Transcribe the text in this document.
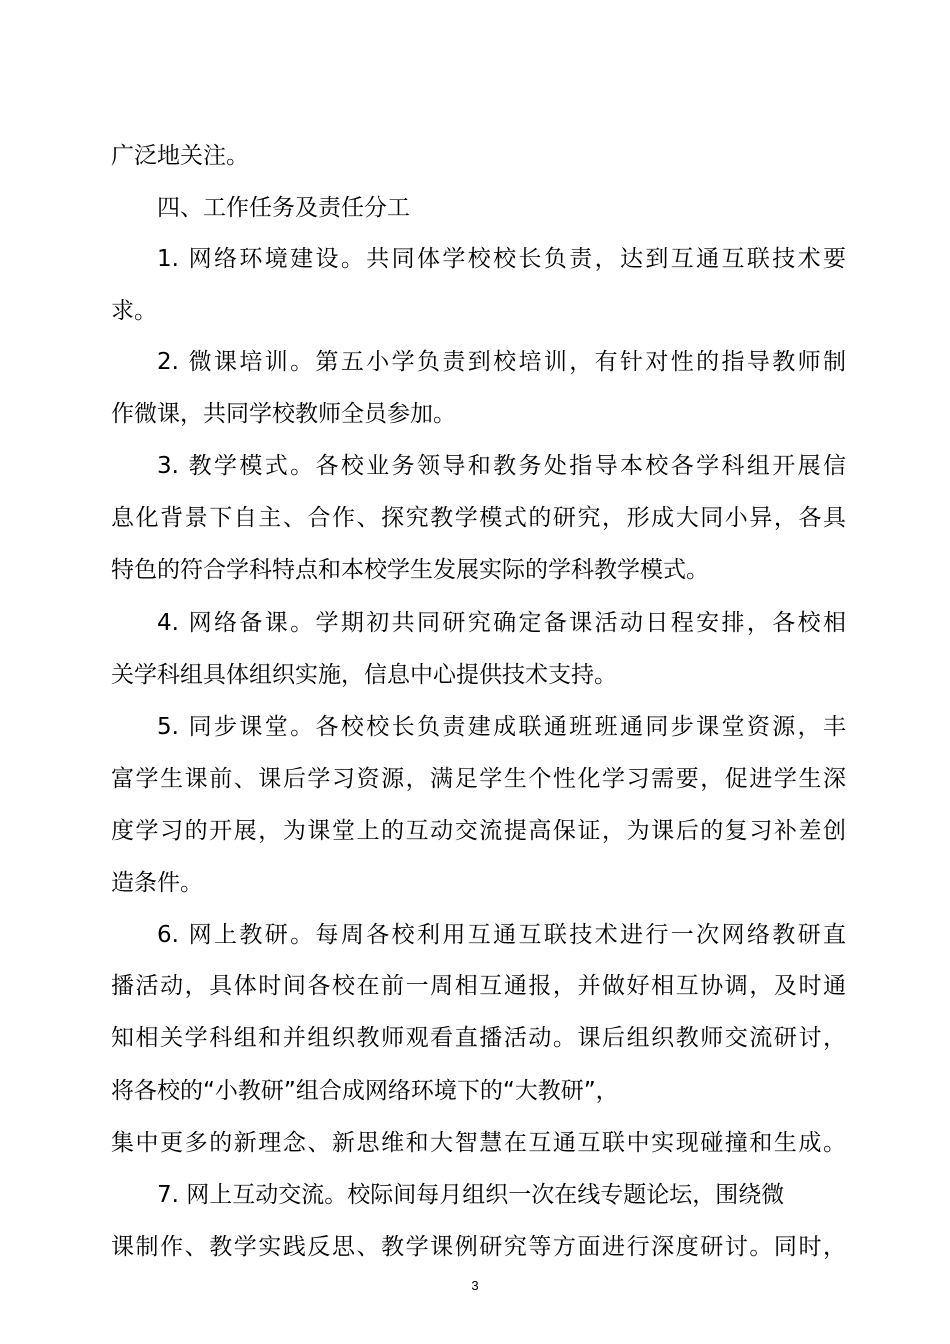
广泛地关注。
四、工作任务及责任分工
1. 网络环境建设。共同体学校校长负责，达到互通互联技术要
求。
2. 微课培训。第五小学负责到校培训，有针对性的指导教师制
作微课，共同学校教师全员参加。
3. 教学模式。各校业务领导和教务处指导本校各学科组开展信
息化背景下自主、合作、探究教学模式的研究，形成大同小异，各具
特色的符合学科特点和本校学生发展实际的学科教学模式。
4. 网络备课。学期初共同研究确定备课活动日程安排，各校相
关学科组具体组织实施，信息中心提供技术支持。
5. 同步课堂。各校校长负责建成联通班班通同步课堂资源，丰
富学生课前、课后学习资源，满足学生个性化学习需要，促进学生深
度学习的开展，为课堂上的互动交流提高保证，为课后的复习补差创
造条件。
6. 网上教研。每周各校利用互通互联技术进行一次网络教研直
播活动，具体时间各校在前一周相互通报，并做好相互协调，及时通
知相关学科组和并组织教师观看直播活动。课后组织教师交流研讨，
将各校的“小教研”组合成网络环境下的“大教研”，
集中更多的新理念、新思维和大智慧在互通互联中实现碰撞和生成。
7. 网上互动交流。校际间每月组织一次在线专题论坛，围绕微
课制作、教学实践反思、教学课例研究等方面进行深度研讨。同时，
3
